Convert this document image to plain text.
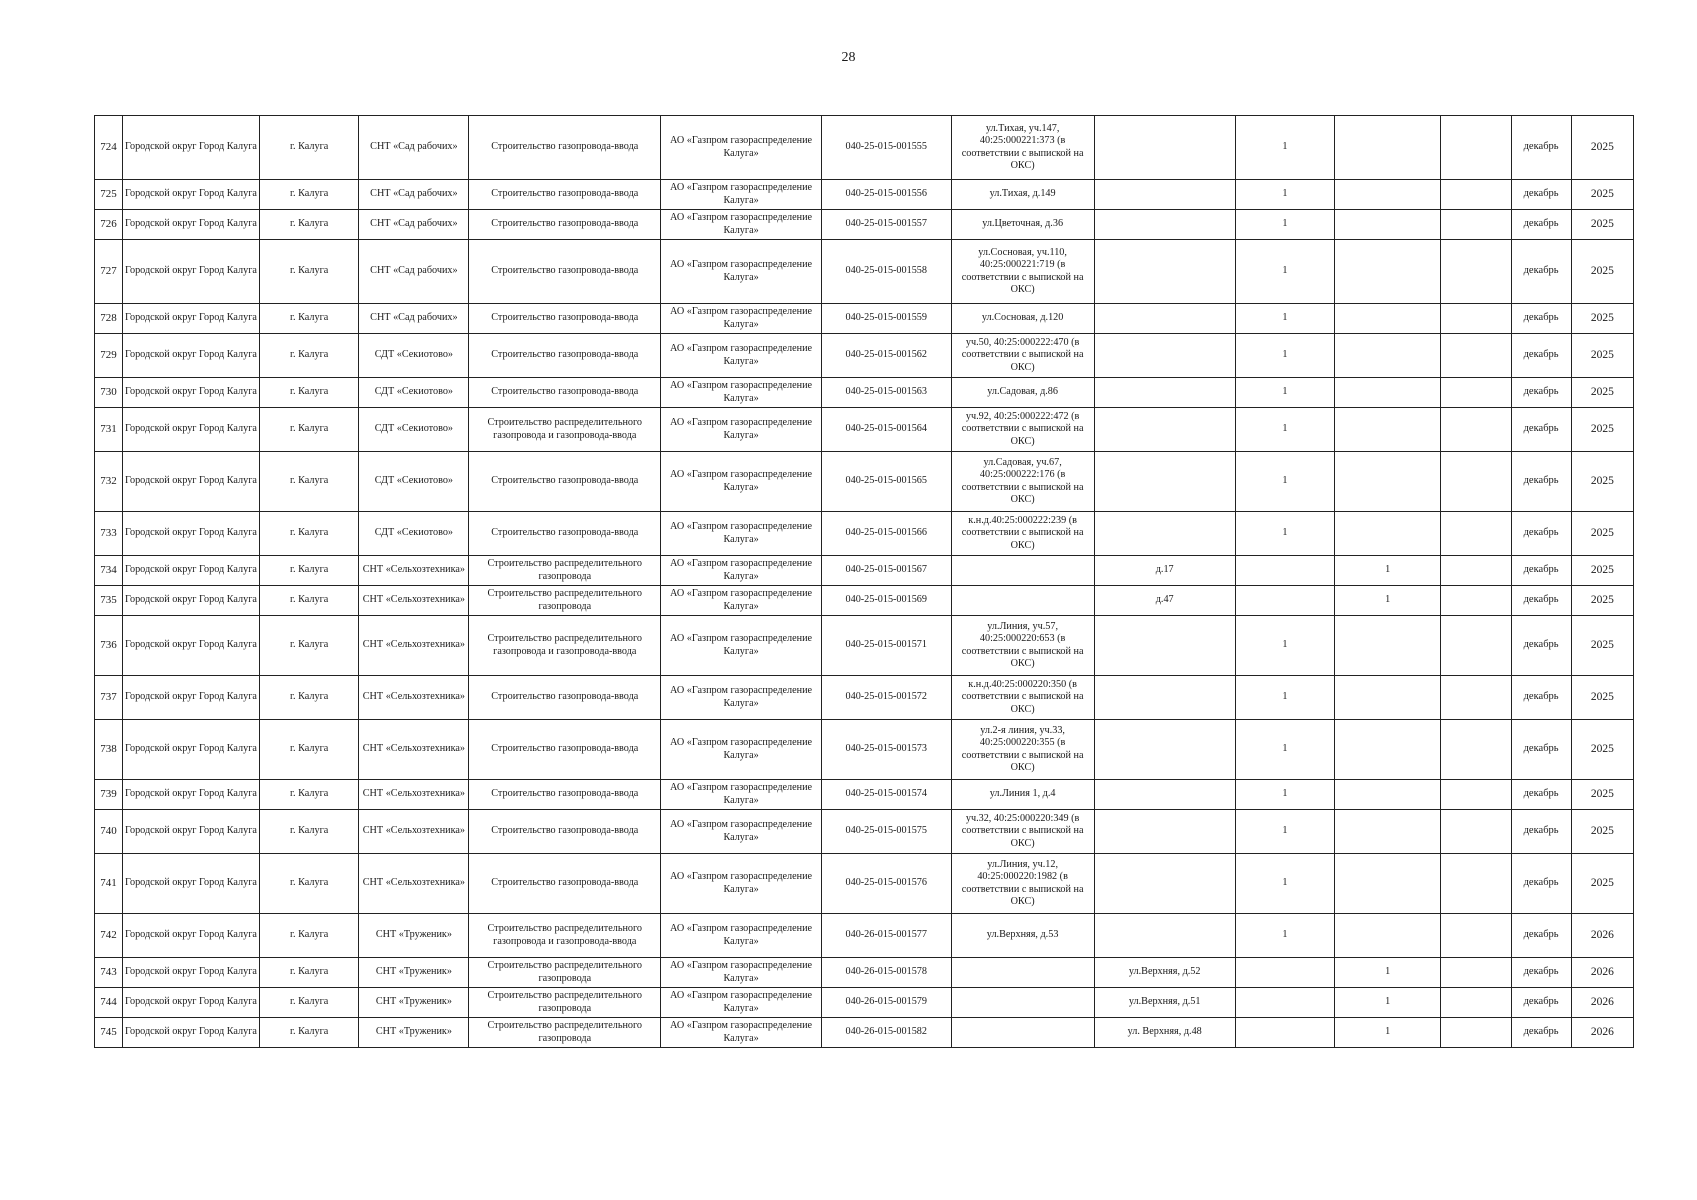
28
724	Городской округ Город Калуга	г. Калуга	СНТ «Сад рабочих»	Строительство газопровода-ввода	АО «Газпром газораспределение Калуга»	040-25-015-001555	ул.Тихая, уч.147, 40:25:000221:373 (в соответствии с выпиской на ОКС)		1			декабрь	2025
725	Городской округ Город Калуга	г. Калуга	СНТ «Сад рабочих»	Строительство газопровода-ввода	АО «Газпром газораспределение Калуга»	040-25-015-001556	ул.Тихая, д.149		1			декабрь	2025
726	Городской округ Город Калуга	г. Калуга	СНТ «Сад рабочих»	Строительство газопровода-ввода	АО «Газпром газораспределение Калуга»	040-25-015-001557	ул.Цветочная, д.36		1			декабрь	2025
727	Городской округ Город Калуга	г. Калуга	СНТ «Сад рабочих»	Строительство газопровода-ввода	АО «Газпром газораспределение Калуга»	040-25-015-001558	ул.Сосновая, уч.110, 40:25:000221:719 (в соответствии с выпиской на ОКС)		1			декабрь	2025
728	Городской округ Город Калуга	г. Калуга	СНТ «Сад рабочих»	Строительство газопровода-ввода	АО «Газпром газораспределение Калуга»	040-25-015-001559	ул.Сосновая, д.120		1			декабрь	2025
729	Городской округ Город Калуга	г. Калуга	СДТ «Секиотово»	Строительство газопровода-ввода	АО «Газпром газораспределение Калуга»	040-25-015-001562	уч.50, 40:25:000222:470 (в соответствии с выпиской на ОКС)		1			декабрь	2025
730	Городской округ Город Калуга	г. Калуга	СДТ «Секиотово»	Строительство газопровода-ввода	АО «Газпром газораспределение Калуга»	040-25-015-001563	ул.Садовая, д.86		1			декабрь	2025
731	Городской округ Город Калуга	г. Калуга	СДТ «Секиотово»	Строительство распределительного газопровода и газопровода-ввода	АО «Газпром газораспределение Калуга»	040-25-015-001564	уч.92, 40:25:000222:472 (в соответствии с выпиской на ОКС)		1			декабрь	2025
732	Городской округ Город Калуга	г. Калуга	СДТ «Секиотово»	Строительство газопровода-ввода	АО «Газпром газораспределение Калуга»	040-25-015-001565	ул.Садовая, уч.67, 40:25:000222:176 (в соответствии с выпиской на ОКС)		1			декабрь	2025
733	Городской округ Город Калуга	г. Калуга	СДТ «Секиотово»	Строительство газопровода-ввода	АО «Газпром газораспределение Калуга»	040-25-015-001566	к.н.д.40:25:000222:239 (в соответствии с выпиской на ОКС)		1			декабрь	2025
734	Городской округ Город Калуга	г. Калуга	СНТ «Сельхозтехника»	Строительство распределительного газопровода	АО «Газпром газораспределение Калуга»	040-25-015-001567		д.17		1		декабрь	2025
735	Городской округ Город Калуга	г. Калуга	СНТ «Сельхозтехника»	Строительство распределительного газопровода	АО «Газпром газораспределение Калуга»	040-25-015-001569		д.47		1		декабрь	2025
736	Городской округ Город Калуга	г. Калуга	СНТ «Сельхозтехника»	Строительство распределительного газопровода и газопровода-ввода	АО «Газпром газораспределение Калуга»	040-25-015-001571	ул.Линия, уч.57, 40:25:000220:653 (в соответствии с выпиской на ОКС)		1			декабрь	2025
737	Городской округ Город Калуга	г. Калуга	СНТ «Сельхозтехника»	Строительство газопровода-ввода	АО «Газпром газораспределение Калуга»	040-25-015-001572	к.н.д.40:25:000220:350 (в соответствии с выпиской на ОКС)		1			декабрь	2025
738	Городской округ Город Калуга	г. Калуга	СНТ «Сельхозтехника»	Строительство газопровода-ввода	АО «Газпром газораспределение Калуга»	040-25-015-001573	ул.2-я линия, уч.33, 40:25:000220:355 (в соответствии с выпиской на ОКС)		1			декабрь	2025
739	Городской округ Город Калуга	г. Калуга	СНТ «Сельхозтехника»	Строительство газопровода-ввода	АО «Газпром газораспределение Калуга»	040-25-015-001574	ул.Линия 1, д.4		1			декабрь	2025
740	Городской округ Город Калуга	г. Калуга	СНТ «Сельхозтехника»	Строительство газопровода-ввода	АО «Газпром газораспределение Калуга»	040-25-015-001575	уч.32, 40:25:000220:349 (в соответствии с выпиской на ОКС)		1			декабрь	2025
741	Городской округ Город Калуга	г. Калуга	СНТ «Сельхозтехника»	Строительство газопровода-ввода	АО «Газпром газораспределение Калуга»	040-25-015-001576	ул.Линия, уч.12, 40:25:000220:1982 (в соответствии с выпиской на ОКС)		1			декабрь	2025
742	Городской округ Город Калуга	г. Калуга	СНТ «Труженик»	Строительство распределительного газопровода и газопровода-ввода	АО «Газпром газораспределение Калуга»	040-26-015-001577	ул.Верхняя, д.53		1			декабрь	2026
743	Городской округ Город Калуга	г. Калуга	СНТ «Труженик»	Строительство распределительного газопровода	АО «Газпром газораспределение Калуга»	040-26-015-001578		ул.Верхняя, д.52		1		декабрь	2026
744	Городской округ Город Калуга	г. Калуга	СНТ «Труженик»	Строительство распределительного газопровода	АО «Газпром газораспределение Калуга»	040-26-015-001579		ул.Верхняя, д.51		1		декабрь	2026
745	Городской округ Город Калуга	г. Калуга	СНТ «Труженик»	Строительство распределительного газопровода	АО «Газпром газораспределение Калуга»	040-26-015-001582		ул. Верхняя, д.48		1		декабрь	2026
